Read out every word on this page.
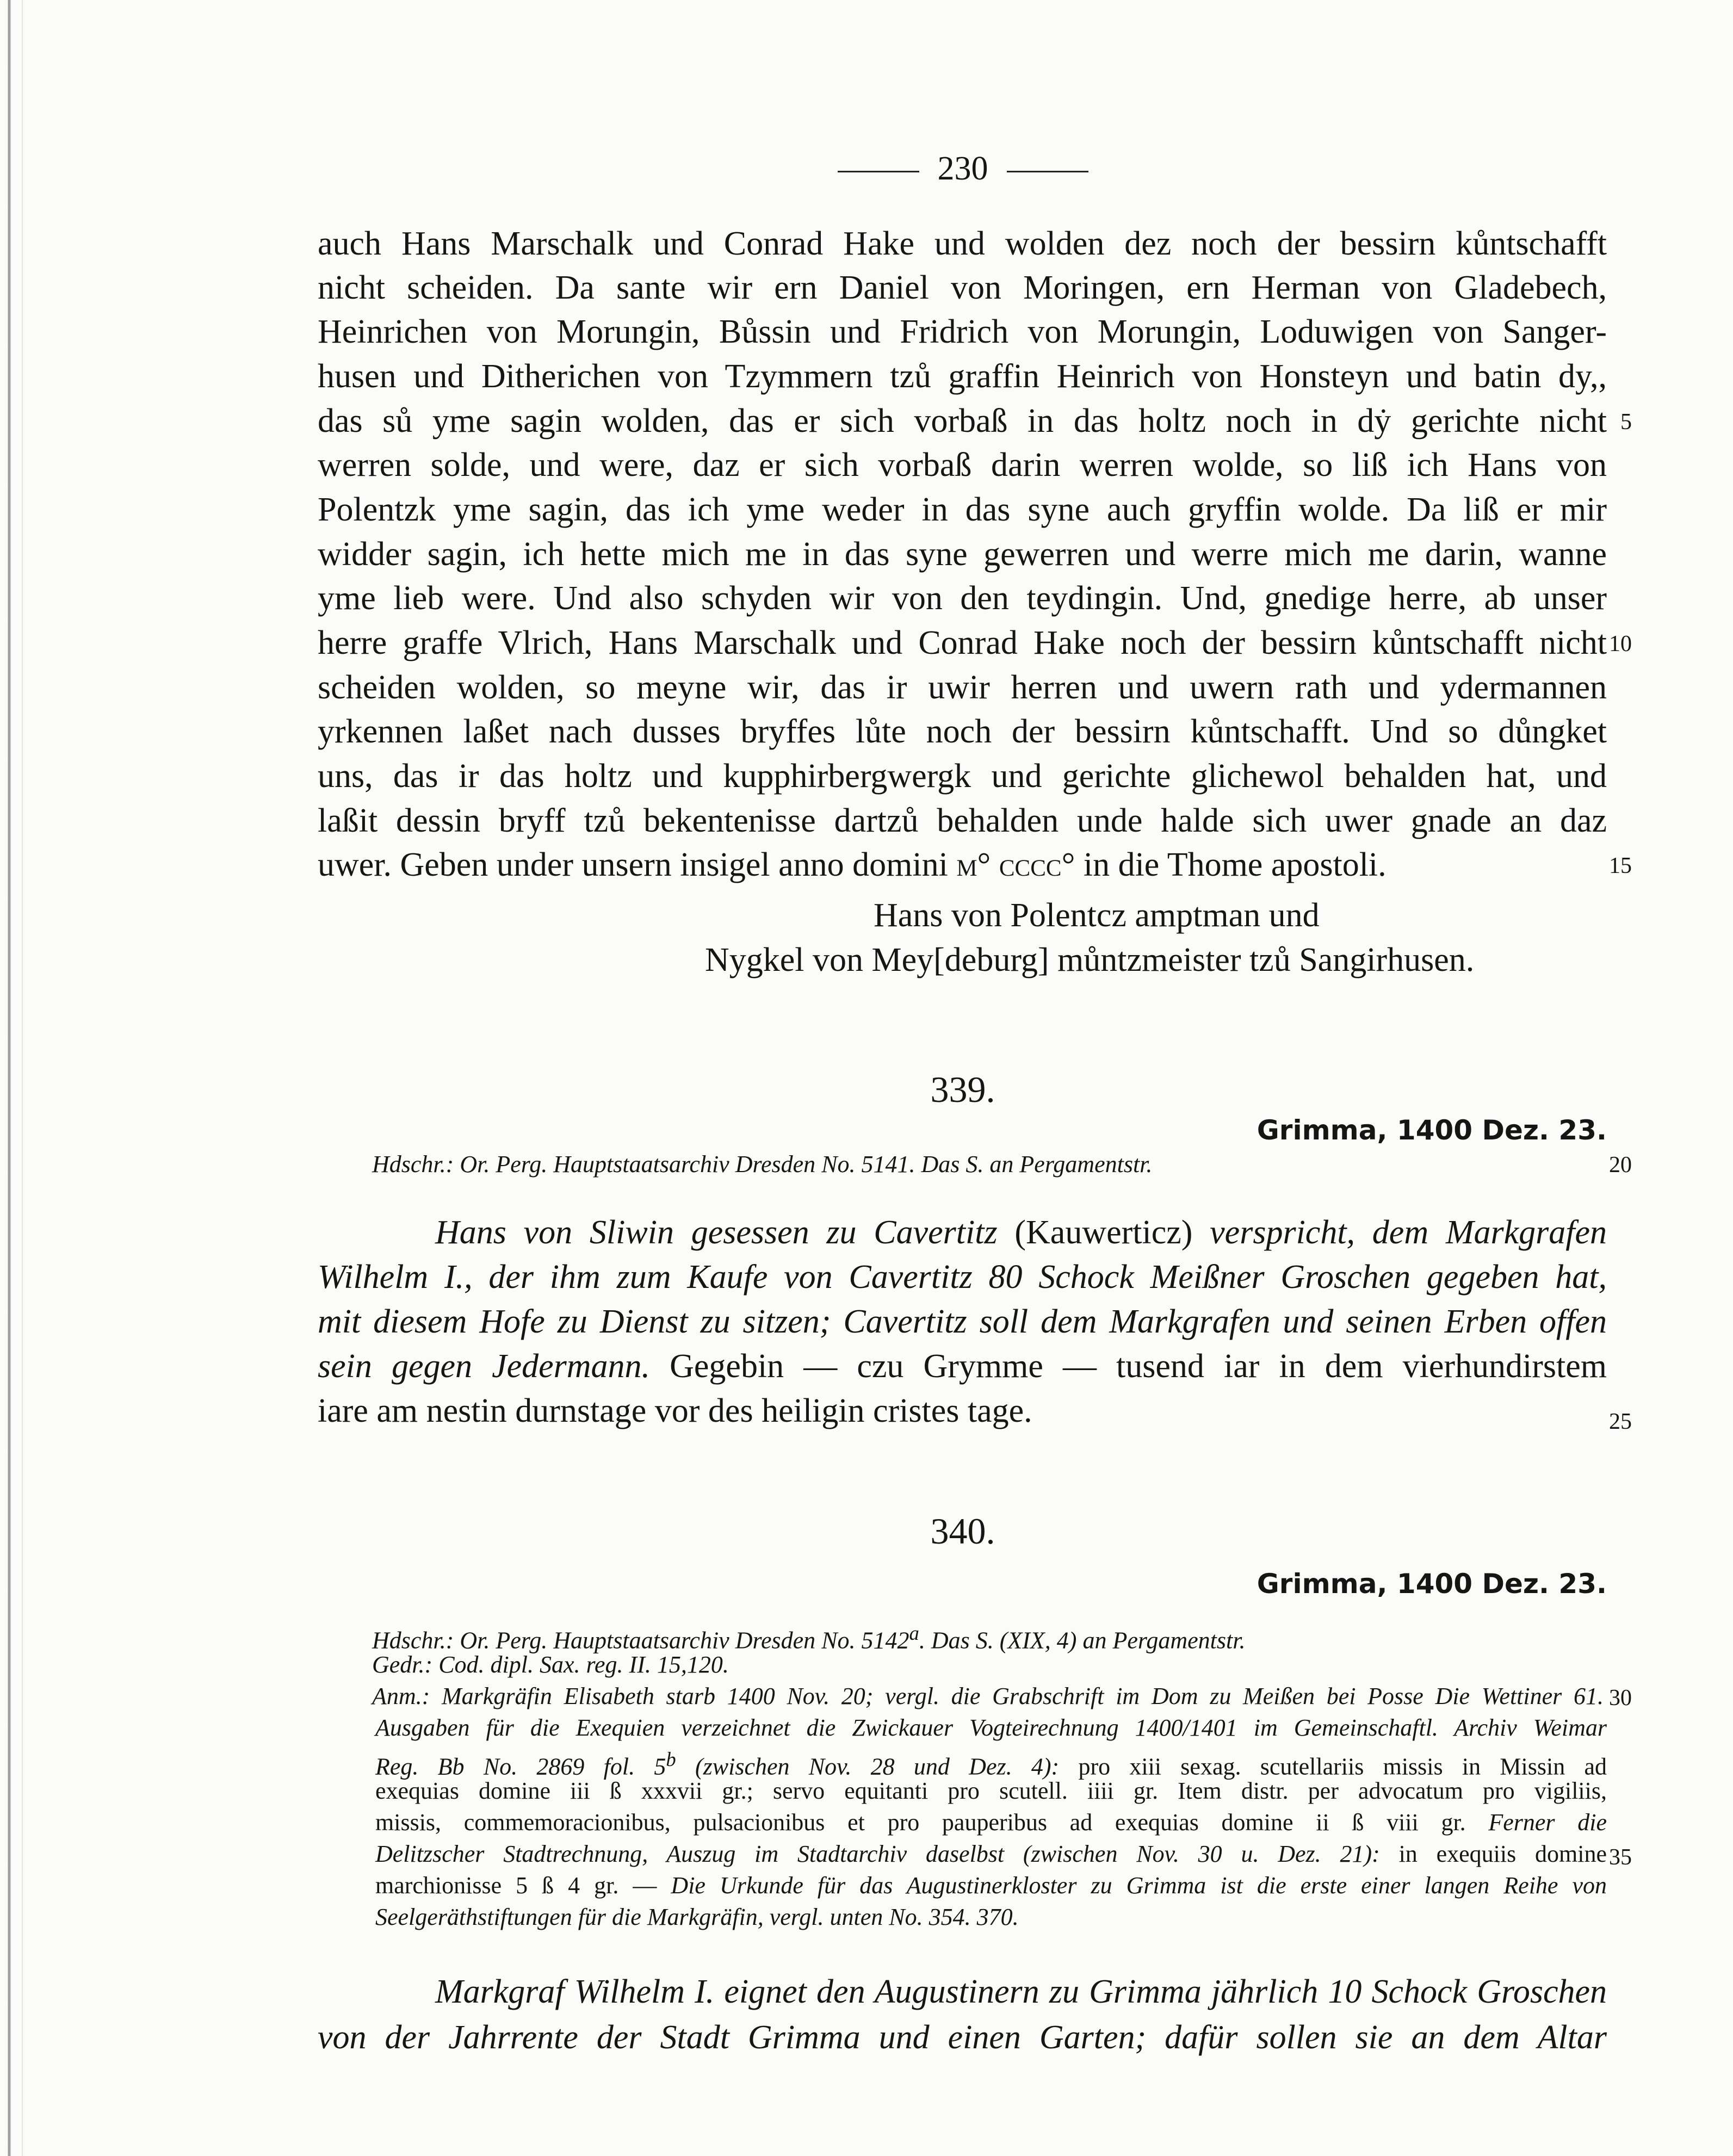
230
auch Hans Marschalk und Conrad Hake und wolden dez noch der bessirn kůntschafft
nicht scheiden. Da sante wir ern Daniel von Moringen, ern Herman von Gladebech,
Heinrichen von Morungin, Bůssin und Fridrich von Morungin, Loduwigen von Sanger-
husen und Ditherichen von Tzymmern tzů graffin Heinrich von Honsteyn und batin dy,,
das sů yme sagin wolden, das er sich vorbaß in das holtz noch in dẏ gerichte nicht
werren solde, und were, daz er sich vorbaß darin werren wolde, so liß ich Hans von
Polentzk yme sagin, das ich yme weder in das syne auch gryffin wolde. Da liß er mir
widder sagin, ich hette mich me in das syne gewerren und werre mich me darin, wanne
yme lieb were. Und also schyden wir von den teydingin. Und, gnedige herre, ab unser
herre graffe Vlrich, Hans Marschalk und Conrad Hake noch der bessirn kůntschafft nicht
scheiden wolden, so meyne wir, das ir uwir herren und uwern rath und ydermannen
yrkennen laßet nach dusses bryffes lůte noch der bessirn kůntschafft. Und so důngket
uns, das ir das holtz und kupphirbergwergk und gerichte glichewol behalden hat, und
laßit dessin bryff tzů bekentenisse dartzů behalden unde halde sich uwer gnade an daz
uwer. Geben under unsern insigel anno domini m° cccc° in die Thome apostoli.
Hans von Polentcz amptman und
Nygkel von Mey[deburg] můntzmeister tzů Sangirhusen.
5
10
15
20
25
30
35
339.
Grimma, 1400 Dez. 23.
Hdschr.: Or. Perg. Hauptstaatsarchiv Dresden No. 5141. Das S. an Pergamentstr.
Hans von Sliwin gesessen zu Cavertitz (Kauwerticz) verspricht, dem Markgrafen
Wilhelm I., der ihm zum Kaufe von Cavertitz 80 Schock Meißner Groschen gegeben hat,
mit diesem Hofe zu Dienst zu sitzen; Cavertitz soll dem Markgrafen und seinen Erben offen
sein gegen Jedermann. Gegebin — czu Grymme — tusend iar in dem vierhundirstem
iare am nestin durnstage vor des heiligin cristes tage.
340.
Grimma, 1400 Dez. 23.
Hdschr.: Or. Perg. Hauptstaatsarchiv Dresden No. 5142$^a$. Das S. (XIX, 4) an Pergamentstr.
Gedr.: Cod. dipl. Sax. reg. II. 15,120.
Anm.: Markgräfin Elisabeth starb 1400 Nov. 20; vergl. die Grabschrift im Dom zu Meißen bei Posse Die Wettiner 61.
Ausgaben für die Exequien verzeichnet die Zwickauer Vogteirechnung 1400/1401 im Gemeinschaftl. Archiv Weimar
Reg. Bb No. 2869 fol. 5$^b$ (zwischen Nov. 28 und Dez. 4): pro xiii sexag. scutellariis missis in Missin ad
exequias domine iii ß xxxvii gr.; servo equitanti pro scutell. iiii gr. Item distr. per advocatum pro vigiliis,
missis, commemoracionibus, pulsacionibus et pro pauperibus ad exequias domine ii ß viii gr. Ferner die
Delitzscher Stadtrechnung, Auszug im Stadtarchiv daselbst (zwischen Nov. 30 u. Dez. 21): in exequiis domine
marchionisse 5 ß 4 gr. — Die Urkunde für das Augustinerkloster zu Grimma ist die erste einer langen Reihe von
Seelgeräthstiftungen für die Markgräfin, vergl. unten No. 354. 370.
Markgraf Wilhelm I. eignet den Augustinern zu Grimma jährlich 10 Schock Groschen
von der Jahrrente der Stadt Grimma und einen Garten; dafür sollen sie an dem Altar
